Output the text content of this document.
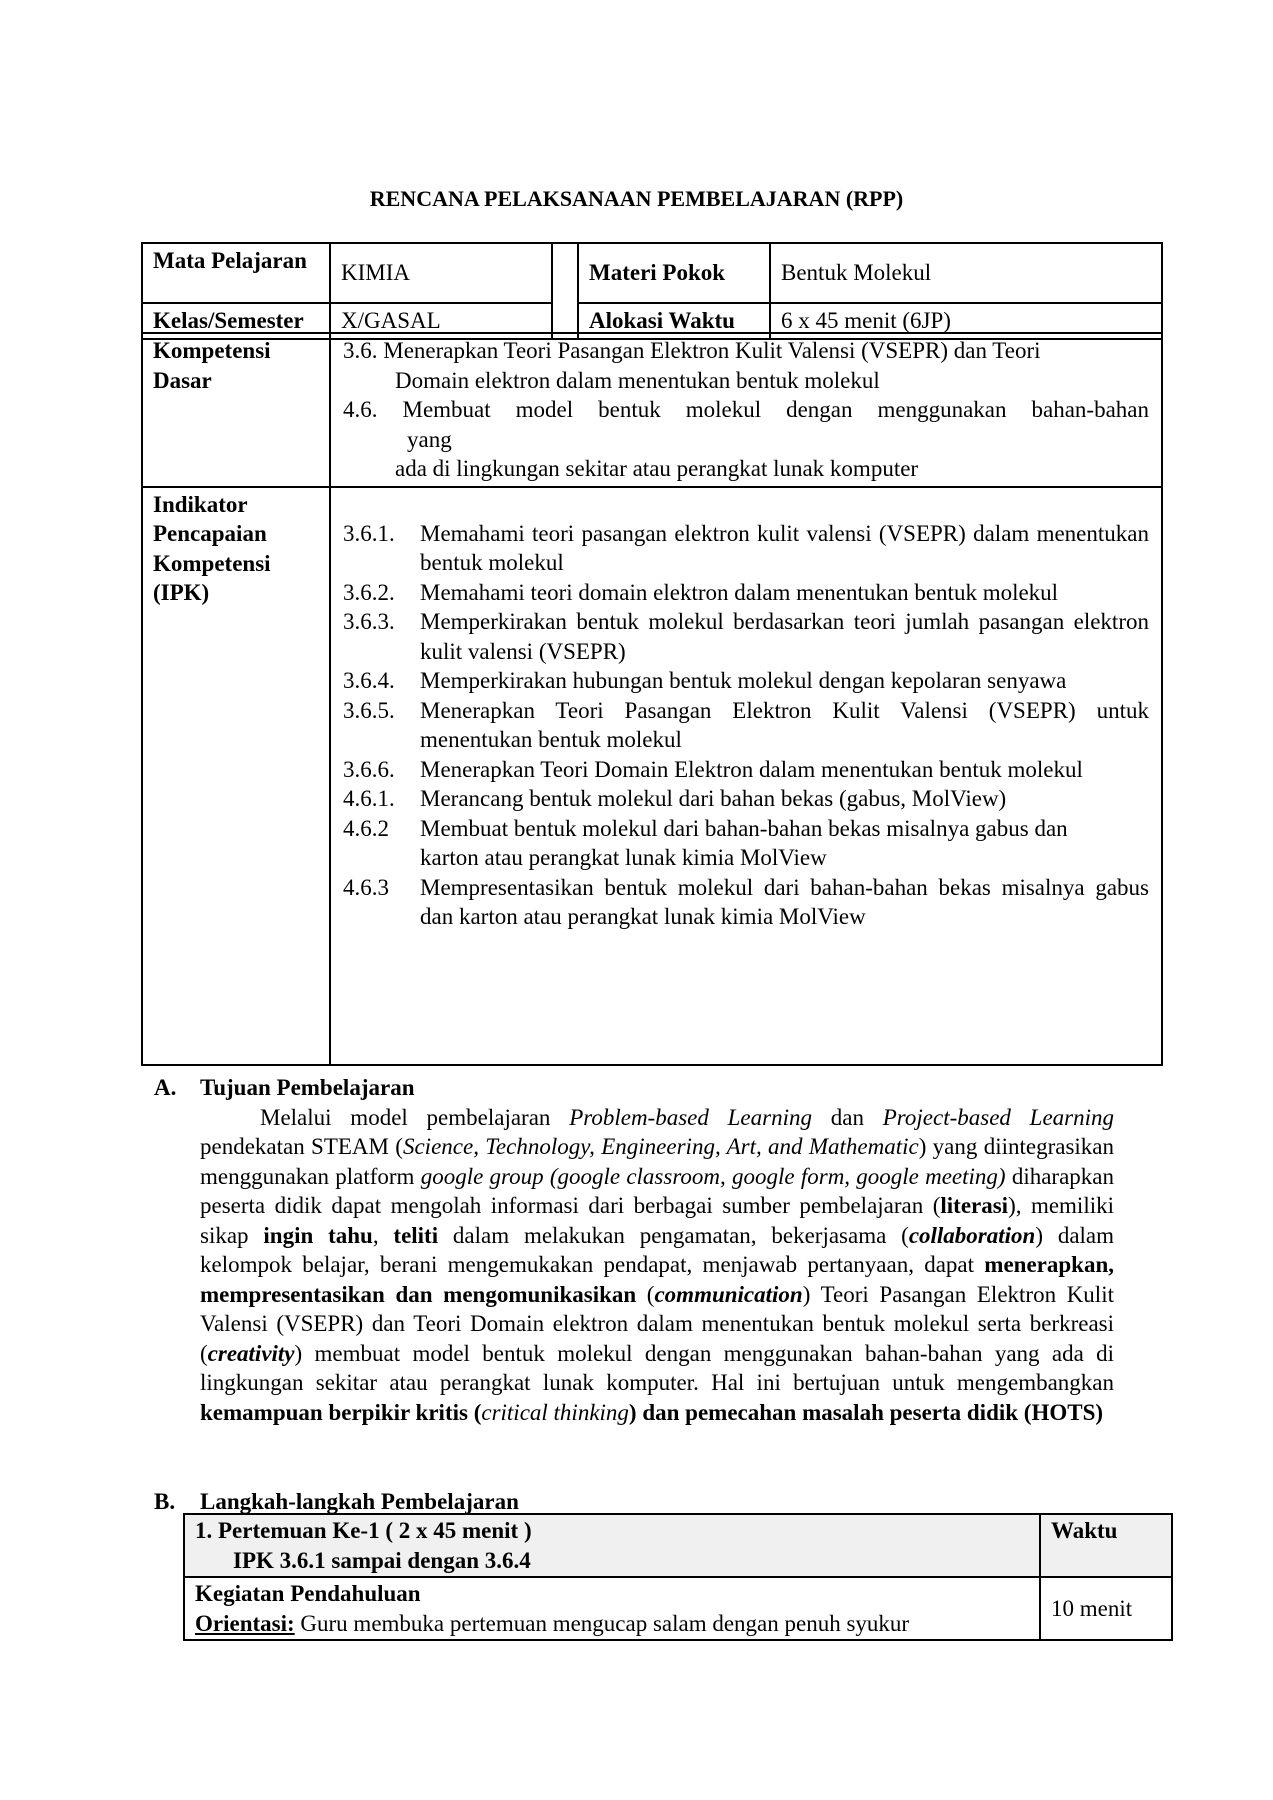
RENCANA PELAKSANAAN PEMBELAJARAN (RPP)
Mata Pelajaran	KIMIA		Materi Pokok	Bentuk Molekul
Kelas/Semester	X/GASAL		Alokasi Waktu	6 x 45 menit (6JP)
Kompetensi Dasar	3.6. Menerapkan Teori Pasangan Elektron Kulit Valensi (VSEPR) dan Teori
Domain elektron dalam menentukan bentuk molekul
4.6. Membuat model bentuk molekul dengan menggunakan bahan-bahan
yang
ada di lingkungan sekitar atau perangkat lunak komputer

Indikator Pencapaian Kompetensi (IPK)	
3.6.1.	Memahami teori pasangan elektron kulit valensi (VSEPR) dalam menentukan bentuk molekul
3.6.2.	Memahami teori domain elektron dalam menentukan bentuk molekul
3.6.3.	Memperkirakan bentuk molekul berdasarkan teori jumlah pasangan elektron kulit valensi (VSEPR)
3.6.4.	Memperkirakan hubungan bentuk molekul dengan kepolaran senyawa
3.6.5.	Menerapkan Teori Pasangan Elektron Kulit Valensi (VSEPR) untuk menentukan bentuk molekul
3.6.6.	Menerapkan Teori Domain Elektron dalam menentukan bentuk molekul
4.6.1.	Merancang bentuk molekul dari bahan bekas (gabus, MolView)
4.6.2	Membuat bentuk molekul dari bahan-bahan bekas misalnya gabus dan karton atau perangkat lunak kimia MolView
4.6.3	Mempresentasikan bentuk molekul dari bahan-bahan bekas misalnya gabus dan karton atau perangkat lunak kimia MolView
A.	Tujuan Pembelajaran
Melalui model pembelajaran Problem-based Learning dan Project-based Learning pendekatan STEAM (Science, Technology, Engineering, Art, and Mathematic) yang diintegrasikan menggunakan platform google group (google classroom, google form, google meeting) diharapkan peserta didik dapat mengolah informasi dari berbagai sumber pembelajaran (literasi), memiliki sikap ingin tahu, teliti dalam melakukan pengamatan, bekerjasama (collaboration) dalam kelompok belajar, berani mengemukakan pendapat, menjawab pertanyaan, dapat menerapkan, mempresentasikan dan mengomunikasikan (communication) Teori Pasangan Elektron Kulit Valensi (VSEPR) dan Teori Domain elektron dalam menentukan bentuk molekul serta berkreasi (creativity) membuat model bentuk molekul dengan menggunakan bahan-bahan yang ada di lingkungan sekitar atau perangkat lunak komputer. Hal ini bertujuan untuk mengembangkan kemampuan berpikir kritis (critical thinking) dan pemecahan masalah peserta didik (HOTS)
B.	Langkah-langkah Pembelajaran
1. Pertemuan Ke-1 ( 2 x 45 menit )
IPK 3.6.1 sampai dengan 3.6.4	Waktu

Kegiatan Pendahuluan
Orientasi: Guru membuka pertemuan mengucap salam dengan penuh syukur	10 menit
